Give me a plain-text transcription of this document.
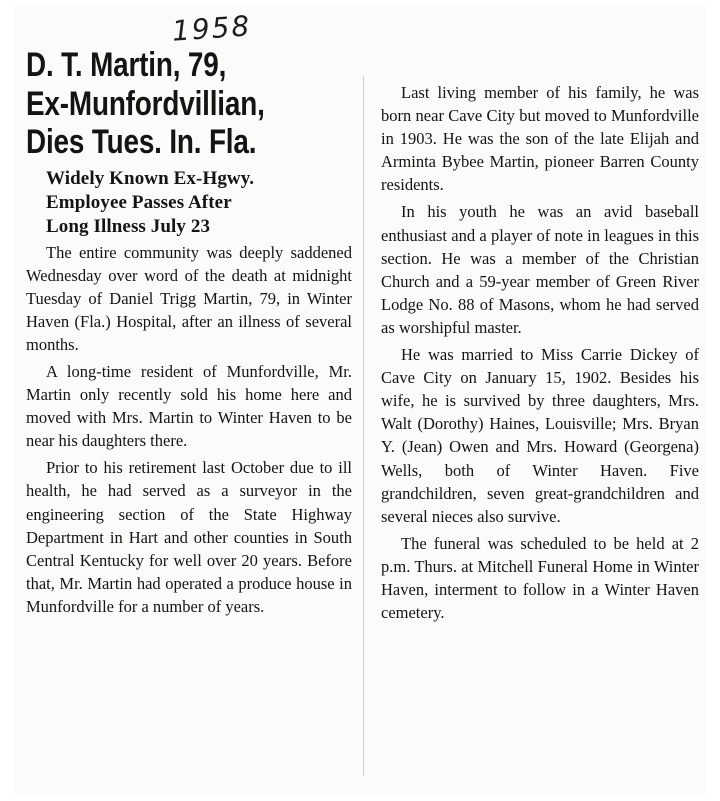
1958
D. T. Martin, 79,
Ex-Munfordvillian,
Dies Tues. In. Fla.
Widely Known Ex-Hgwy.
Employee Passes After
Long Illness July 23

The entire community was deeply saddened Wednesday over word of the death at midnight Tuesday of Daniel Trigg Martin, 79, in Winter Haven (Fla.) Hospital, after an illness of several months.

A long-time resident of Munfordville, Mr. Martin only recently sold his home here and moved with Mrs. Martin to Winter Haven to be near his daughters there.

Prior to his retirement last October due to ill health, he had served as a surveyor in the engineering section of the State Highway Department in Hart and other counties in South Central Kentucky for well over 20 years. Before that, Mr. Martin had operated a produce house in Munfordville for a number of years.

Last living member of his family, he was born near Cave City but moved to Munfordville in 1903. He was the son of the late Elijah and Arminta Bybee Martin, pioneer Barren County residents.

In his youth he was an avid baseball enthusiast and a player of note in leagues in this section. He was a member of the Christian Church and a 59-year member of Green River Lodge No. 88 of Masons, whom he had served as worshipful master.

He was married to Miss Carrie Dickey of Cave City on January 15, 1902. Besides his wife, he is survived by three daughters, Mrs. Walt (Dorothy) Haines, Louisville; Mrs. Bryan Y. (Jean) Owen and Mrs. Howard (Georgena) Wells, both of Winter Haven. Five grandchildren, seven great-grandchildren and several nieces also survive.

The funeral was scheduled to be held at 2 p.m. Thurs. at Mitchell Funeral Home in Winter Haven, interment to follow in a Winter Haven cemetery.
